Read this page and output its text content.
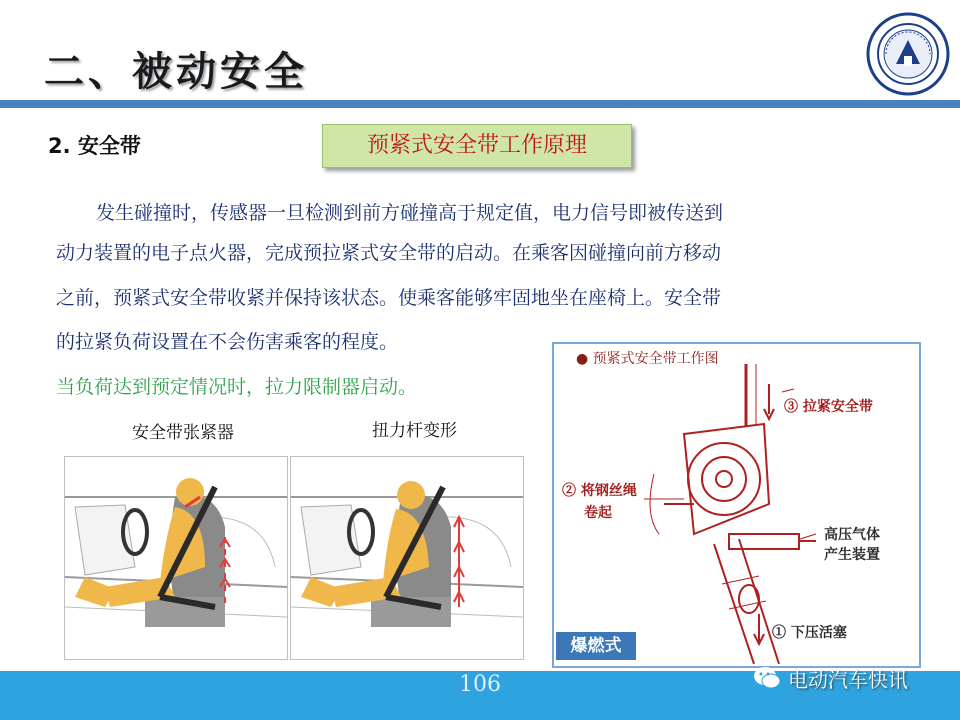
二、被动安全
2. 安全带	预紧式安全带工作原理
发生碰撞时，传感器一旦检测到前方碰撞高于规定值，电力信号即被传送到
动力装置的电子点火器，完成预拉紧式安全带的启动。在乘客因碰撞向前方移动
之前，预紧式安全带收紧并保持该状态。使乘客能够牢固地坐在座椅上。安全带
的拉紧负荷设置在不会伤害乘客的程度。
当负荷达到预定情况时，拉力限制器启动。
安全带张紧器	扭力杆变形
● 预紧式安全带工作图
③ 拉紧安全带
② 将钢丝绳
卷起
高压气体
产生装置
① 下压活塞
爆燃式
106	电动汽车快讯
